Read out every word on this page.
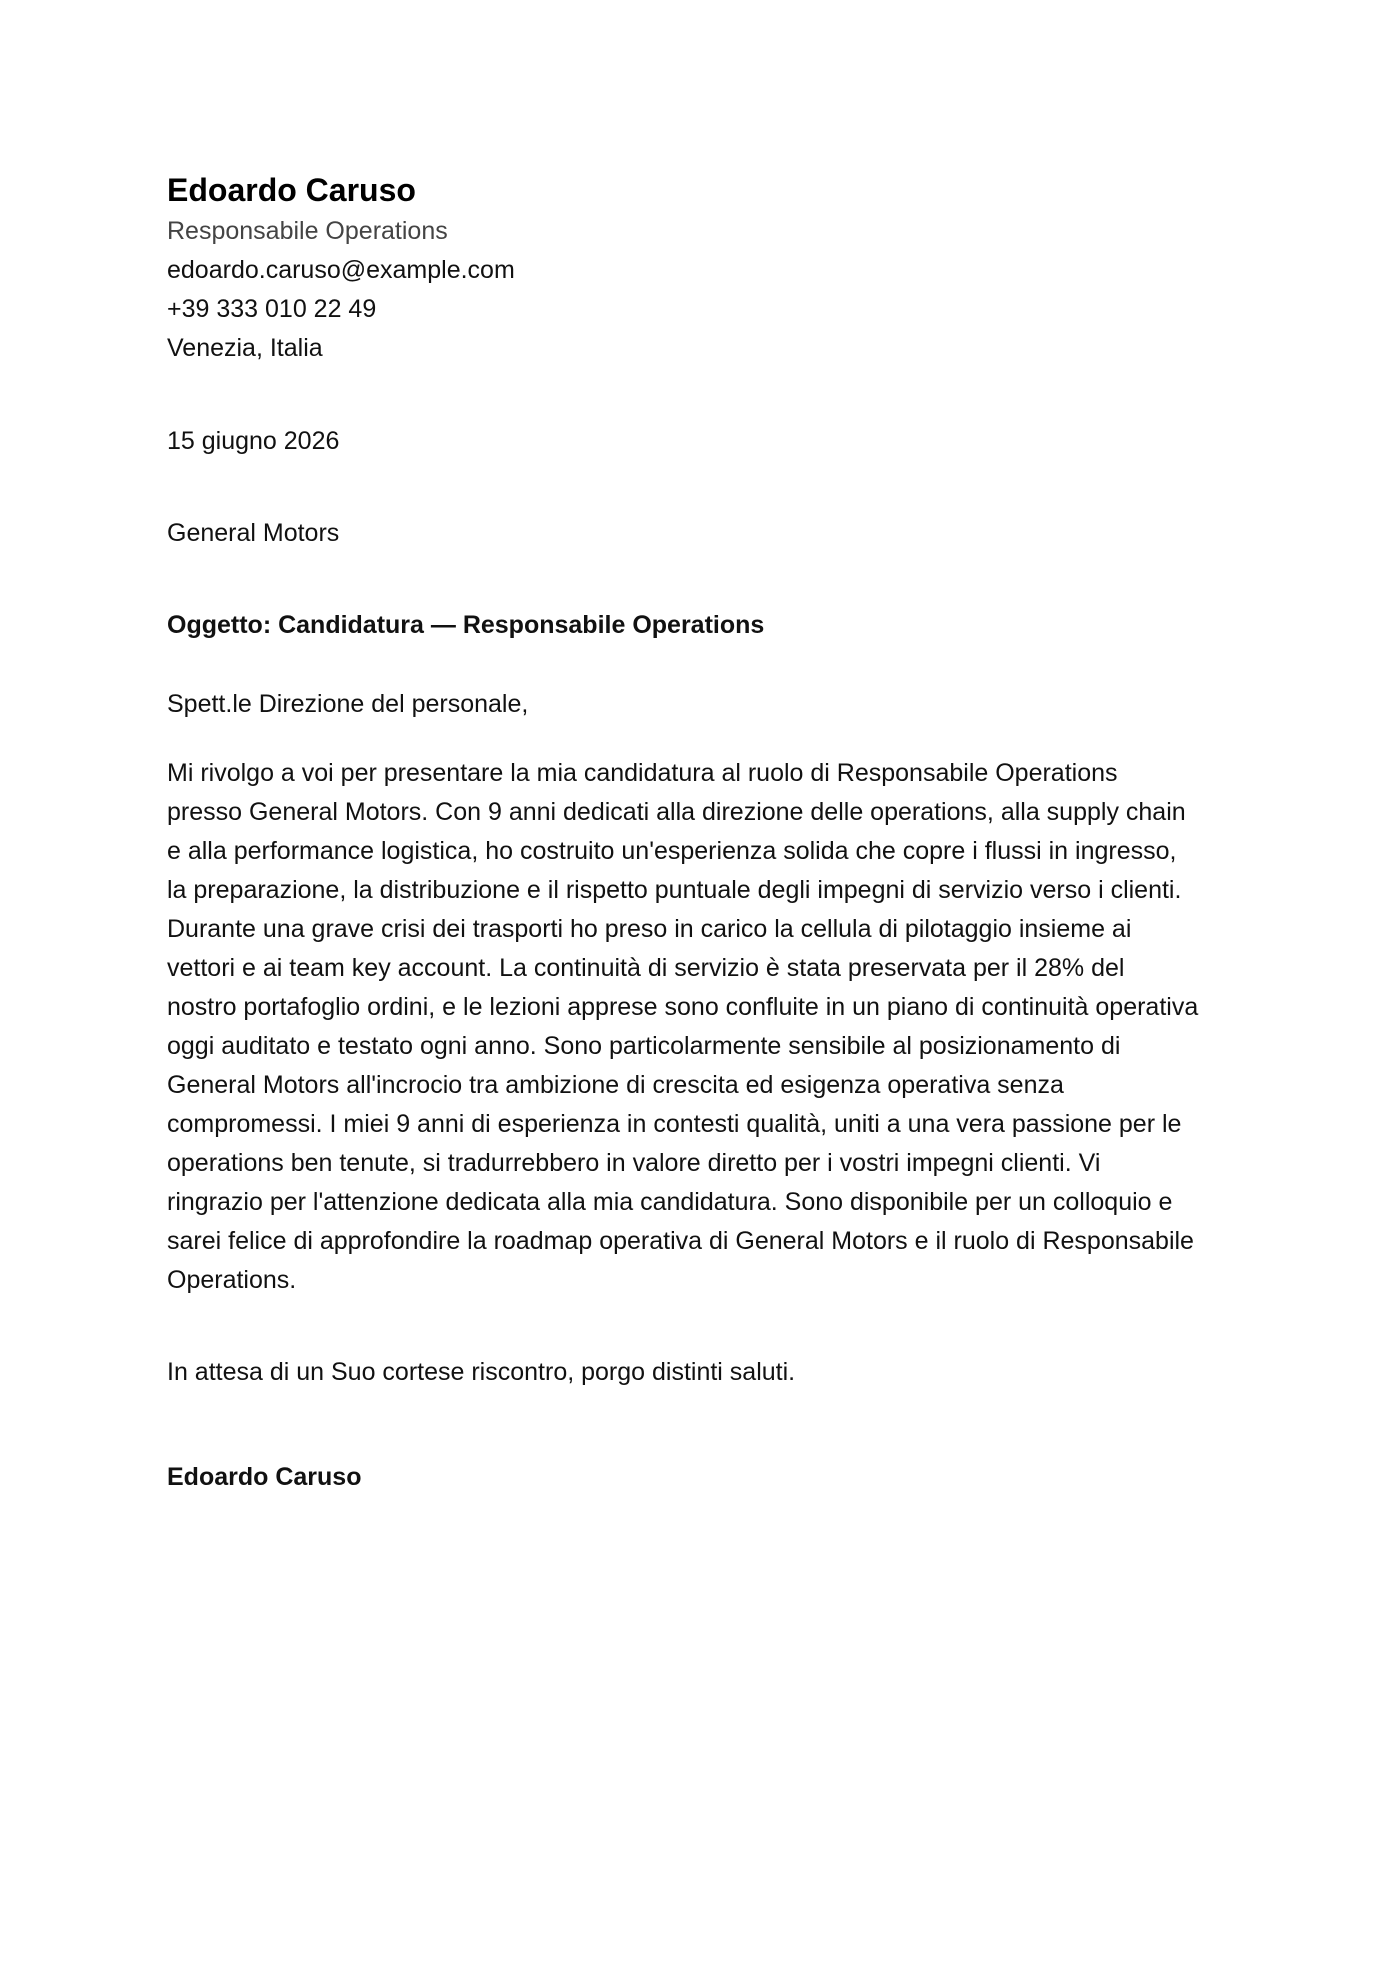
Edoardo Caruso
Responsabile Operations
edoardo.caruso@example.com
+39 333 010 22 49
Venezia, Italia
15 giugno 2026
General Motors
Oggetto: Candidatura — Responsabile Operations
Spett.le Direzione del personale,
Mi rivolgo a voi per presentare la mia candidatura al ruolo di Responsabile Operations
presso General Motors. Con 9 anni dedicati alla direzione delle operations, alla supply chain
e alla performance logistica, ho costruito un'esperienza solida che copre i flussi in ingresso,
la preparazione, la distribuzione e il rispetto puntuale degli impegni di servizio verso i clienti.
Durante una grave crisi dei trasporti ho preso in carico la cellula di pilotaggio insieme ai
vettori e ai team key account. La continuità di servizio è stata preservata per il 28% del
nostro portafoglio ordini, e le lezioni apprese sono confluite in un piano di continuità operativa
oggi auditato e testato ogni anno. Sono particolarmente sensibile al posizionamento di
General Motors all'incrocio tra ambizione di crescita ed esigenza operativa senza
compromessi. I miei 9 anni di esperienza in contesti qualità, uniti a una vera passione per le
operations ben tenute, si tradurrebbero in valore diretto per i vostri impegni clienti. Vi
ringrazio per l'attenzione dedicata alla mia candidatura. Sono disponibile per un colloquio e
sarei felice di approfondire la roadmap operativa di General Motors e il ruolo di Responsabile
Operations.
In attesa di un Suo cortese riscontro, porgo distinti saluti.
Edoardo Caruso
